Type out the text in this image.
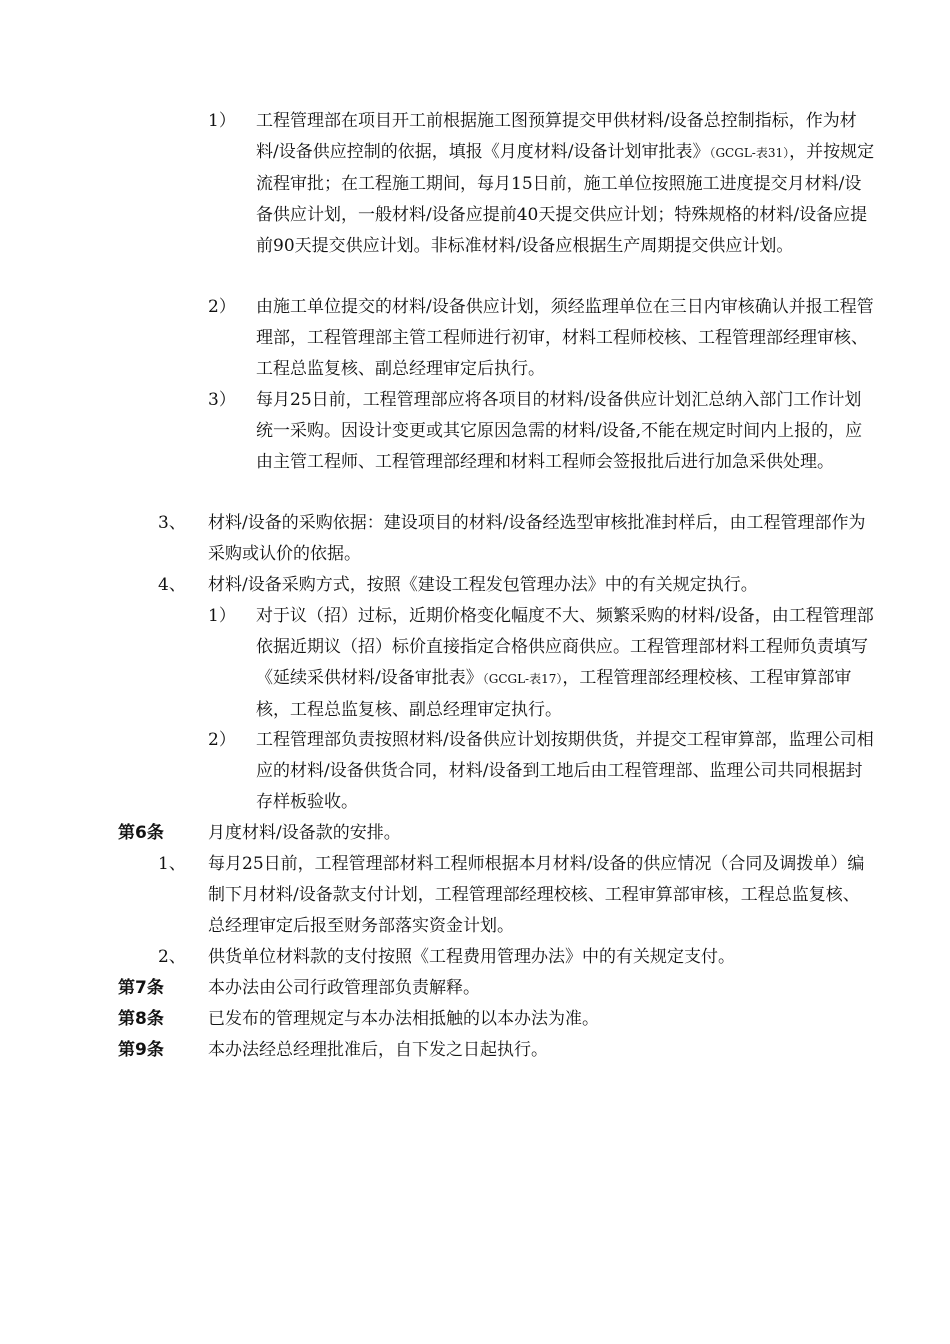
1） 工程管理部在项目开工前根据施工图预算提交甲供材料/设备总控制指标，作为材料/设备供应控制的依据，填报《月度材料/设备计划审批表》（GCGL-表31），并按规定流程审批；在工程施工期间，每月15日前，施工单位按照施工进度提交月材料/设备供应计划，一般材料/设备应提前40天提交供应计划；特殊规格的材料/设备应提前90天提交供应计划。非标准材料/设备应根据生产周期提交供应计划。
2） 由施工单位提交的材料/设备供应计划，须经监理单位在三日内审核确认并报工程管理部，工程管理部主管工程师进行初审，材料工程师校核、工程管理部经理审核、工程总监复核、副总经理审定后执行。
3） 每月25日前，工程管理部应将各项目的材料/设备供应计划汇总纳入部门工作计划统一采购。因设计变更或其它原因急需的材料/设备,不能在规定时间内上报的，应由主管工程师、工程管理部经理和材料工程师会签报批后进行加急采供处理。
3、 材料/设备的采购依据：建设项目的材料/设备经选型审核批准封样后，由工程管理部作为采购或认价的依据。
4、 材料/设备采购方式，按照《建设工程发包管理办法》中的有关规定执行。
1） 对于议（招）过标，近期价格变化幅度不大、频繁采购的材料/设备，由工程管理部依据近期议（招）标价直接指定合格供应商供应。工程管理部材料工程师负责填写《延续采供材料/设备审批表》（GCGL-表17），工程管理部经理校核、工程审算部审核，工程总监复核、副总经理审定执行。
2） 工程管理部负责按照材料/设备供应计划按期供货，并提交工程审算部，监理公司相应的材料/设备供货合同，材料/设备到工地后由工程管理部、监理公司共同根据封存样板验收。
第6条	月度材料/设备款的安排。
1、 每月25日前，工程管理部材料工程师根据本月材料/设备的供应情况（合同及调拨单）编制下月材料/设备款支付计划，工程管理部经理校核、工程审算部审核，工程总监复核、总经理审定后报至财务部落实资金计划。
2、 供货单位材料款的支付按照《工程费用管理办法》中的有关规定支付。
第7条	本办法由公司行政管理部负责解释。
第8条	已发布的管理规定与本办法相抵触的以本办法为准。
第9条	本办法经总经理批准后，自下发之日起执行。
